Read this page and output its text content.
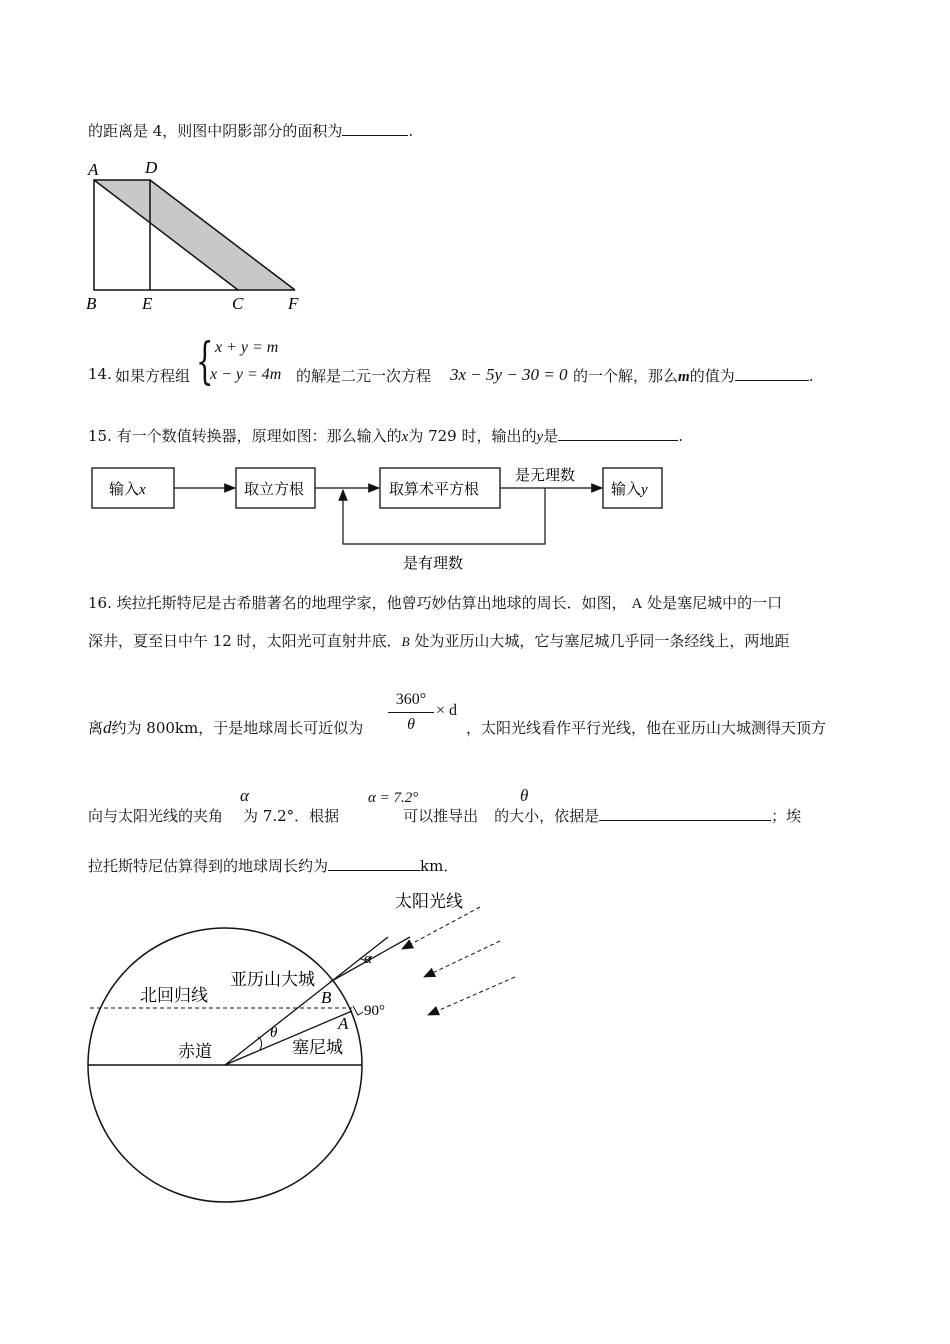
的距离是 4，则图中阴影部分的面积为	.
A	D
B	E	C	F
14. 如果方程组 { x + y = m
x − y = 4m 的解是二元一次方程 3x − 5y − 30 = 0 的一个解，那么m的值为	.
15. 有一个数值转换器，原理如图：那么输入的x为 729 时，输出的y是	.
输入x	取立方根	取算术平方根	输入y
是无理数
是有理数
16. 埃拉托斯特尼是古希腊著名的地理学家，他曾巧妙估算出地球的周长．如图， A 处是塞尼城中的一口
深井，夏至日中午 12 时，太阳光可直射井底．B 处为亚历山大城，它与塞尼城几乎同一条经线上，两地距
离d约为 800km，于是地球周长可近似为 $\frac{360^\circ}{\theta} \times d$
，太阳光线看作平行光线，他在亚历山大城测得天顶方
α	α = 7.2°	θ
向与太阳光线的夹角 为 7.2°．根据	可以推导出 的大小，依据是	；埃
拉托斯特尼估算得到的地球周长约为	km．
太阳光线
亚历山大城
北回归线
赤道	塞尼城
B
A
α
θ
90°
